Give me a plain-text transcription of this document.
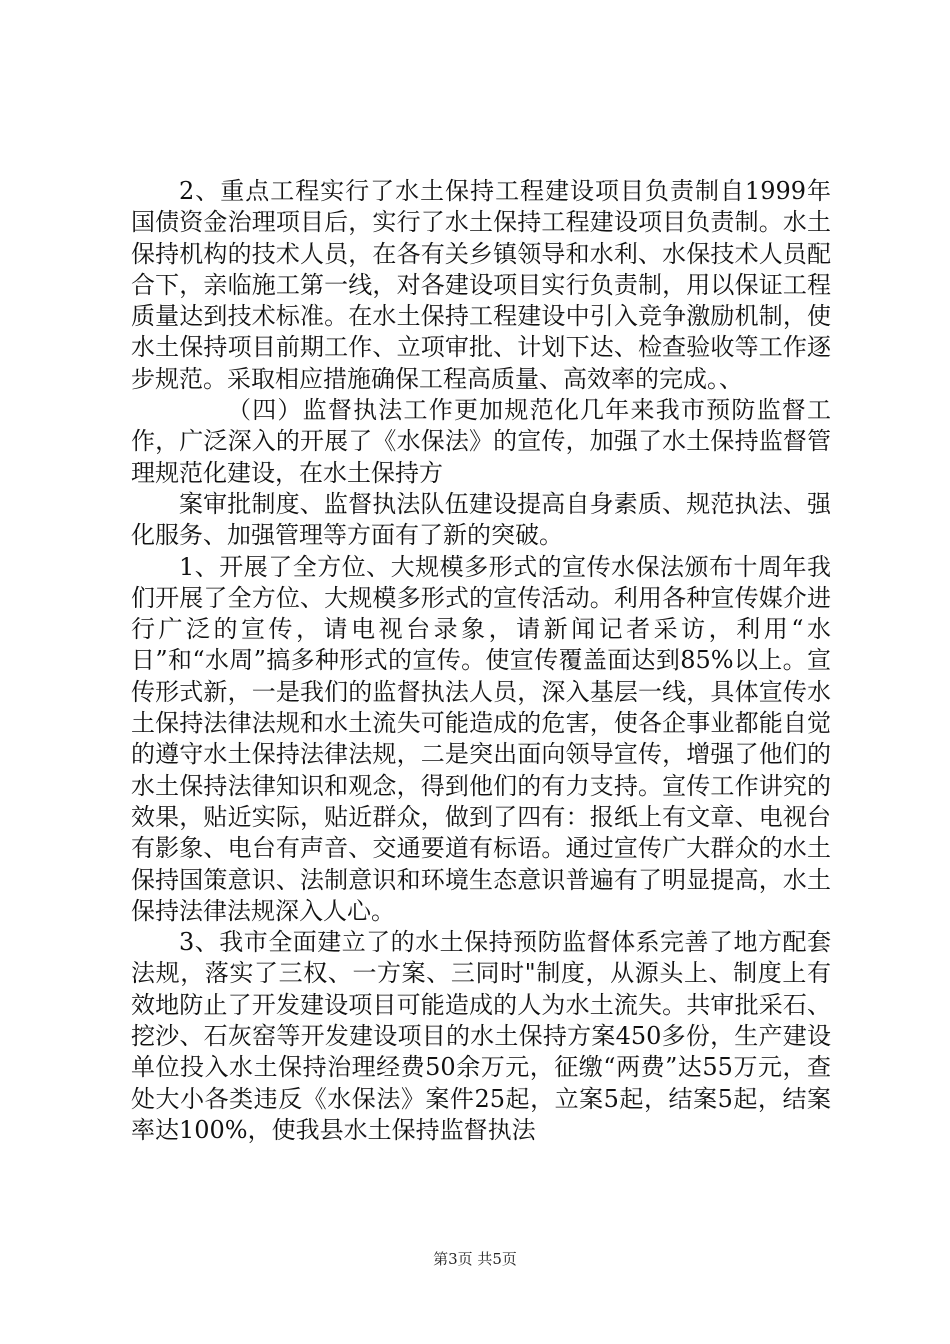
2、重点工程实行了水土保持工程建设项目负责制自1999年国债资金治理项目后，实行了水土保持工程建设项目负责制。水土保持机构的技术人员，在各有关乡镇领导和水利、水保技术人员配合下，亲临施工第一线，对各建设项目实行负责制，用以保证工程质量达到技术标准。在水土保持工程建设中引入竞争激励机制，使水土保持项目前期工作、立项审批、计划下达、检查验收等工作逐步规范。采取相应措施确保工程高质量、高效率的完成。、

（四）监督执法工作更加规范化几年来我市预防监督工作，广泛深入的开展了《水保法》的宣传，加强了水土保持监督管理规范化建设，在水土保持方

案审批制度、监督执法队伍建设提高自身素质、规范执法、强化服务、加强管理等方面有了新的突破。

1、开展了全方位、大规模多形式的宣传水保法颁布十周年我们开展了全方位、大规模多形式的宣传活动。利用各种宣传媒介进行广泛的宣传，请电视台录象，请新闻记者采访，利用“水日”和“水周”搞多种形式的宣传。使宣传覆盖面达到85%以上。宣传形式新，一是我们的监督执法人员，深入基层一线，具体宣传水土保持法律法规和水土流失可能造成的危害，使各企事业都能自觉的遵守水土保持法律法规，二是突出面向领导宣传，增强了他们的水土保持法律知识和观念，得到他们的有力支持。宣传工作讲究的效果，贴近实际，贴近群众，做到了四有：报纸上有文章、电视台有影象、电台有声音、交通要道有标语。通过宣传广大群众的水土保持国策意识、法制意识和环境生态意识普遍有了明显提高，水土保持法律法规深入人心。

3、我市全面建立了的水土保持预防监督体系完善了地方配套法规，落实了三权、一方案、三同时"制度，从源头上、制度上有效地防止了开发建设项目可能造成的人为水土流失。共审批采石、挖沙、石灰窑等开发建设项目的水土保持方案450多份，生产建设单位投入水土保持治理经费50余万元，征缴“两费”达55万元，查处大小各类违反《水保法》案件25起，立案5起，结案5起，结案率达100%，使我县水土保持监督执法

第3页 共5页
